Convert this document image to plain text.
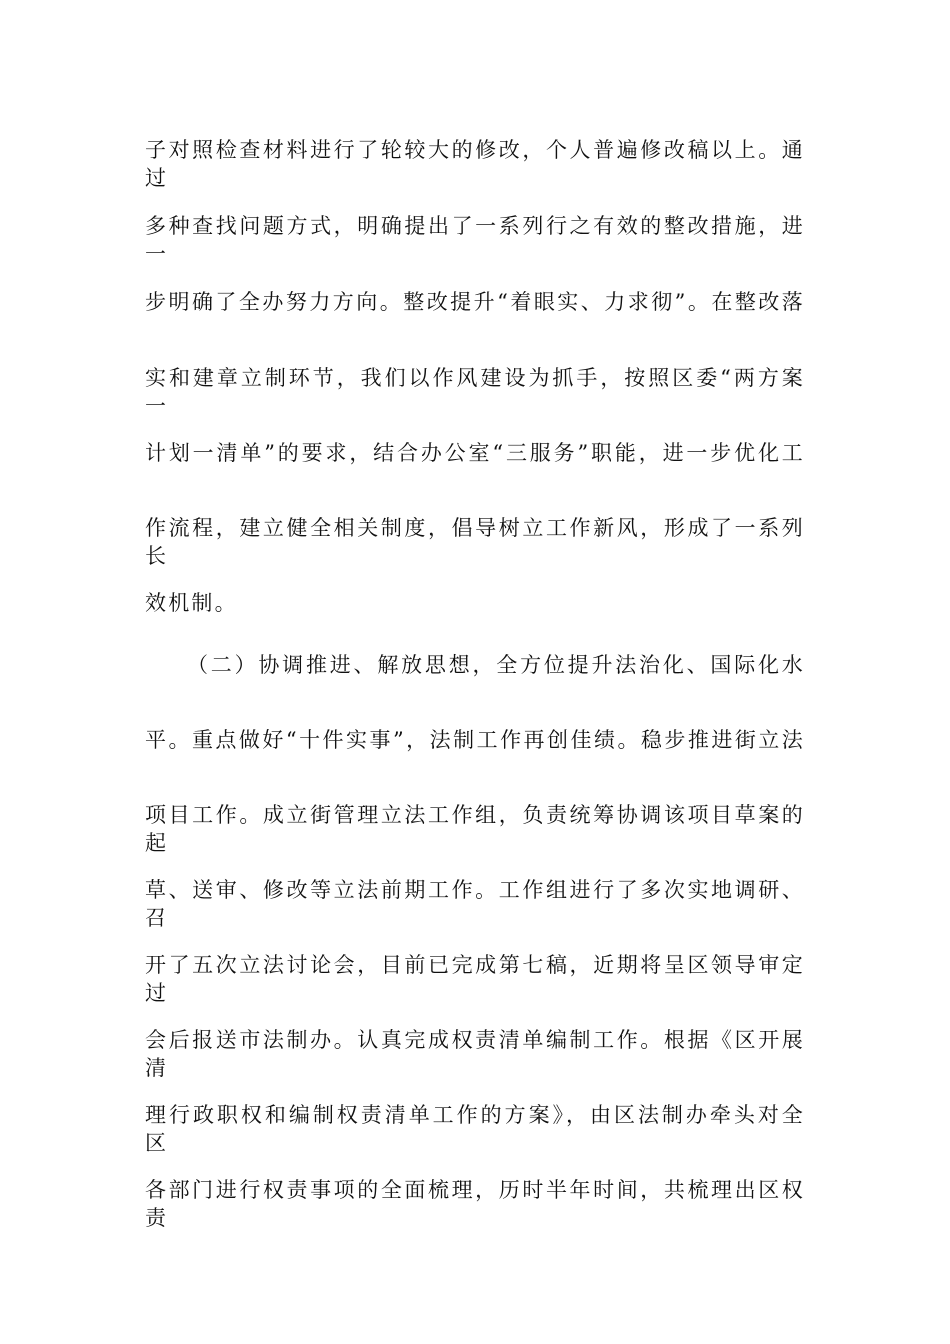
子对照检查材料进行了轮较大的修改，个人普遍修改稿以上。通过
多种查找问题方式，明确提出了一系列行之有效的整改措施，进一
步明确了全办努力方向。整改提升“着眼实、力求彻”。在整改落
实和建章立制环节，我们以作风建设为抓手，按照区委“两方案一
计划一清单”的要求，结合办公室“三服务”职能，进一步优化工
作流程，建立健全相关制度，倡导树立工作新风，形成了一系列长
效机制。
（二）协调推进、解放思想，全方位提升法治化、国际化水
平。重点做好“十件实事”，法制工作再创佳绩。稳步推进街立法
项目工作。成立街管理立法工作组，负责统筹协调该项目草案的起
草、送审、修改等立法前期工作。工作组进行了多次实地调研、召
开了五次立法讨论会，目前已完成第七稿，近期将呈区领导审定过
会后报送市法制办。认真完成权责清单编制工作。根据《区开展清
理行政职权和编制权责清单工作的方案》，由区法制办牵头对全区
各部门进行权责事项的全面梳理，历时半年时间，共梳理出区权责
